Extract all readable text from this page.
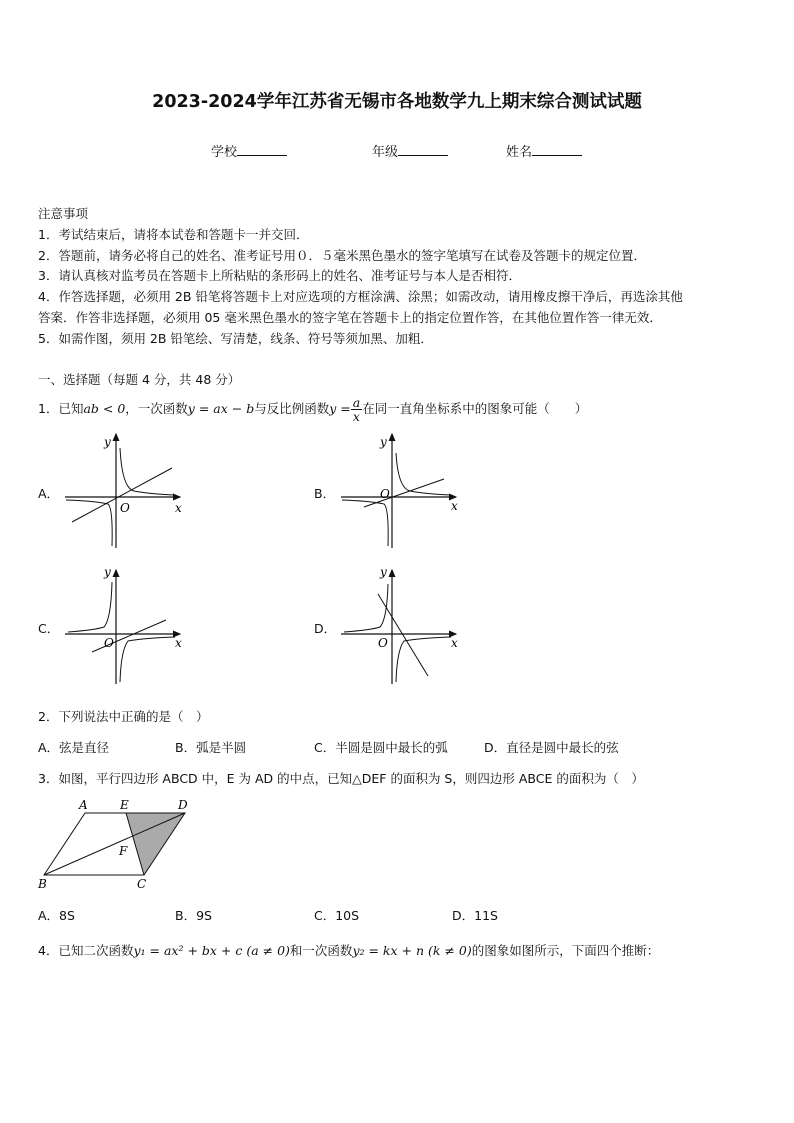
2023-2024学年江苏省无锡市各地数学九上期末综合测试试题
学校	年级	姓名
注意事项
1．考试结束后，请将本试卷和答题卡一并交回．
2．答题前，请务必将自己的姓名、准考证号用０．５毫米黑色墨水的签字笔填写在试卷及答题卡的规定位置．
3．请认真核对监考员在答题卡上所粘贴的条形码上的姓名、准考证号与本人是否相符．
4．作答选择题，必须用 2B 铅笔将答题卡上对应选项的方框涂满、涂黑；如需改动，请用橡皮擦干净后，再选涂其他
答案．作答非选择题，必须用 05 毫米黑色墨水的签字笔在答题卡上的指定位置作答，在其他位置作答一律无效．
5．如需作图，须用 2B 铅笔绘、写清楚，线条、符号等须加黑、加粗．
一、选择题（每题 4 分，共 48 分）
1．已知ab < 0，一次函数y = ax − b与反比例函数$y = \frac{a}{x}$ 在同一直角坐标系中的图象可能（　　）
A．
y
O	x
B．
y
O
x
C．
y
O	x
D．
y
O	x
2．下列说法中正确的是（　）
A．弦是直径	B．弧是半圆	C．半圆是圆中最长的弧	D．直径是圆中最长的弦
3．如图，平行四边形 ABCD 中，E 为 AD 的中点，已知△DEF 的面积为 S，则四边形 ABCE 的面积为（　）
A	E	D
F
B	C
A．8S	B．9S	C．10S	D．11S
4．已知二次函数y₁ = ax² + bx + c (a ≠ 0)和一次函数y₂ = kx + n (k ≠ 0)的图象如图所示，下面四个推断：
